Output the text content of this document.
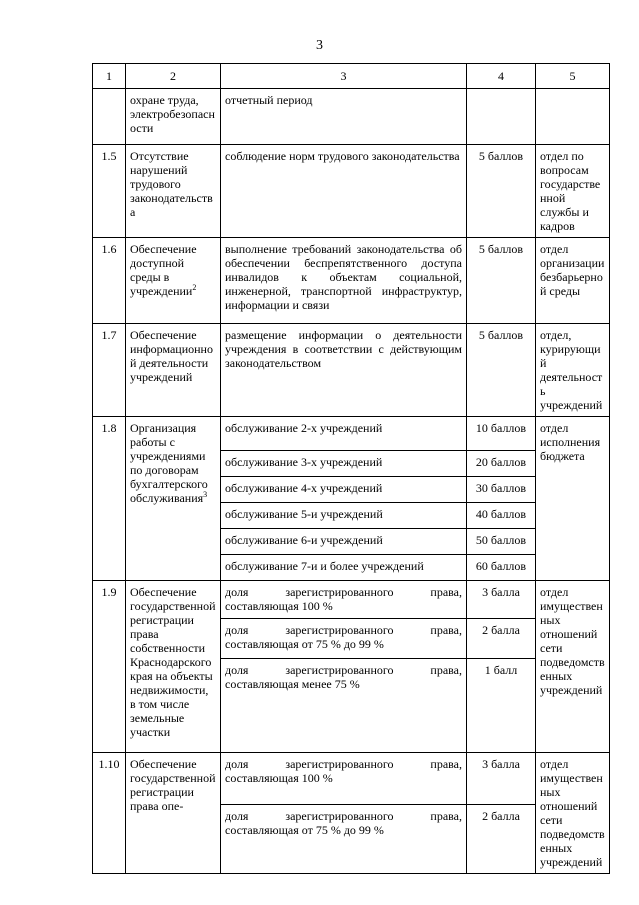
3
1	2	3	4	5
	охране труда, электробезопасности	отчетный период		
1.5	Отсутствие нарушений трудового законодательства	соблюдение норм трудового законодательства	5 баллов	отдел по вопросам государственной службы и кадров
1.6	Обеспечение доступной среды в учреждении$^2$	выполнение требований законодательства об обеспечении беспрепятственного доступа инвалидов к объектам социальной, инженерной, транспортной инфраструктур, информации и связи	5 баллов	отдел организации безбарьерной среды
1.7	Обеспечение информационной деятельности учреждений	размещение информации о деятельности учреждения в соответствии с действующим законодательством	5 баллов	отдел, курирующий деятельность учреждений
1.8	Организация работы с учреждениями по договорам бухгалтерского обслуживания$^3$	обслуживание 2-х учреждений	10 баллов	отдел исполнения бюджета
		обслуживание 3-х учреждений	20 баллов	
		обслуживание 4-х учреждений	30 баллов	
		обслуживание 5-и учреждений	40 баллов	
		обслуживание 6-и учреждений	50 баллов	
		обслуживание 7-и и более учреждений	60 баллов	
1.9	Обеспечение государственной регистрации права собственности Краснодарского края на объекты недвижимости, в том числе земельные участки	доля зарегистрированного права, составляющая 100 %	3 балла	отдел имущественных отношений сети подведомственных учреждений
		доля зарегистрированного права, составляющая от 75 % до 99 %	2 балла	
		доля зарегистрированного права, составляющая менее 75 %	1 балл	
1.10	Обеспечение государственной регистрации права опе-	доля зарегистрированного права, составляющая 100 %	3 балла	отдел имущественных отношений сети подведомственных учреждений
		доля зарегистрированного права, составляющая от 75 % до 99 %	2 балла	
